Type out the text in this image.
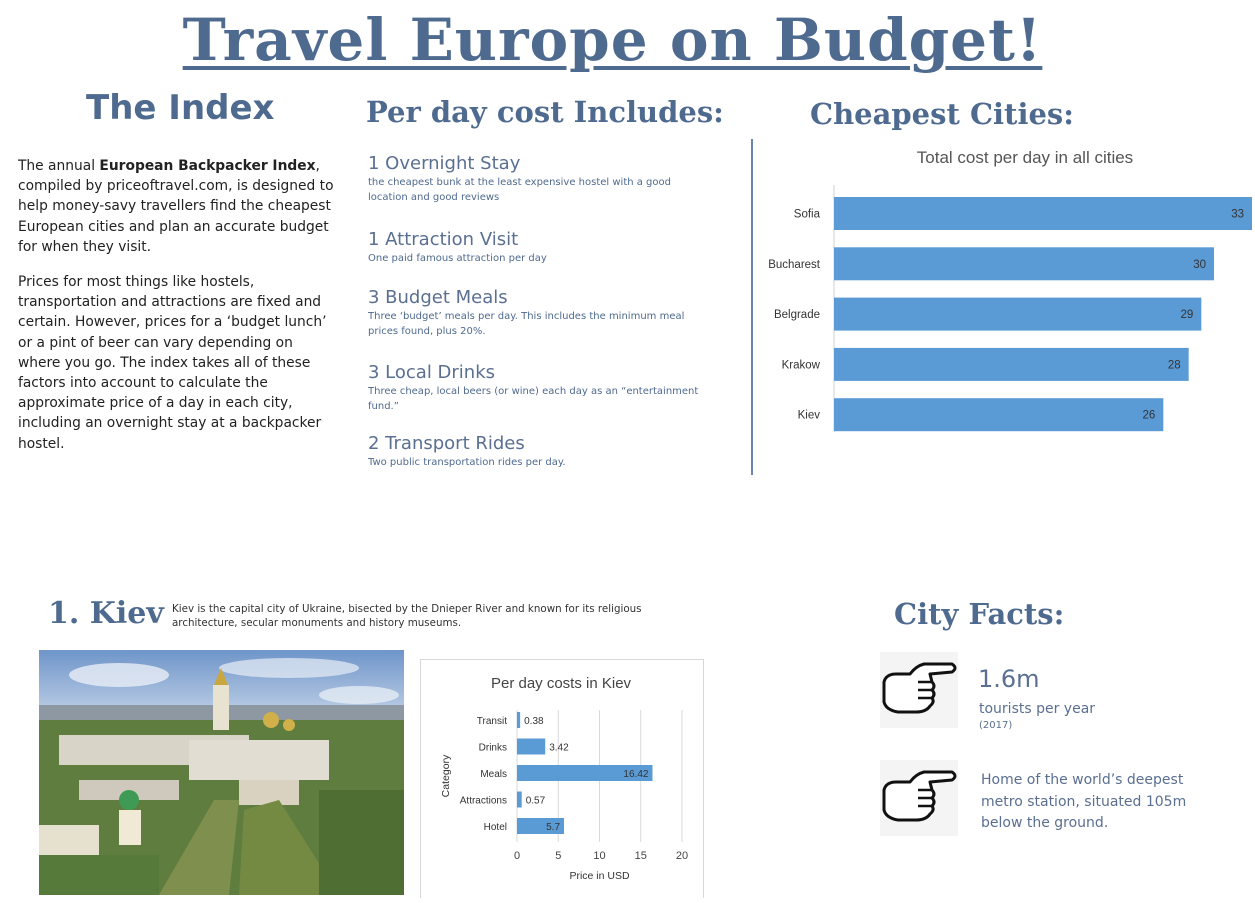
Travel Europe on Budget!
The Index

The annual European Backpacker Index, compiled by priceoftravel.com, is designed to help money-savy travellers find the cheapest European cities and plan an accurate budget for when they visit.

Prices for most things like hostels, transportation and attractions are fixed and certain. However, prices for a ‘budget lunch’ or a pint of beer can vary depending on where you go. The index takes all of these factors into account to calculate the approximate price of a day in each city, including an overnight stay at a backpacker hostel.

Per day cost Includes:
1 Overnight Stay
the cheapest bunk at the least expensive hostel with a good location and good reviews
1 Attraction Visit
One paid famous attraction per day
3 Budget Meals
Three ‘budget’ meals per day. This includes the minimum meal prices found, plus 20%.
3 Local Drinks
Three cheap, local beers (or wine) each day as an “entertainment fund.”
2 Transport Rides
Two public transportation rides per day.
Cheapest Cities:
Total cost per day in all cities
Sofia	33
Bucharest	30
Belgrade	29
Krakow	28
Kiev	26
1. Kiev Kiev is the capital city of Ukraine, bisected by the Dnieper River and known for its religious architecture, secular monuments and history museums.
Per day costs in Kiev
0	5	10	15	20
Transit 0.38
Drinks	3.42
Meals	16.42
Attractions 0.57
Hotel	5.7
Price in USD
Category
City Facts:
1.6m
tourists per year
(2017)
Home of the world’s deepest metro station, situated 105m below the ground.
